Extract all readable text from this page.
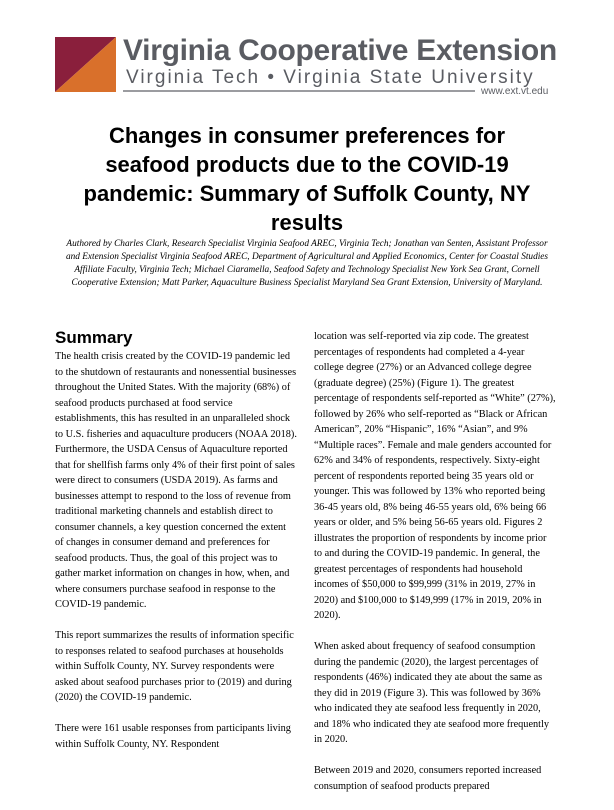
Virginia Cooperative Extension
Virginia Tech • Virginia State University
www.ext.vt.edu
Changes in consumer preferences for seafood products due to the COVID-19 pandemic: Summary of Suffolk County, NY results

Authored by Charles Clark, Research Specialist Virginia Seafood AREC, Virginia Tech; Jonathan van Senten, Assistant Professor and Extension Specialist Virginia Seafood AREC, Department of Agricultural and Applied Economics, Center for Coastal Studies Affiliate Faculty, Virginia Tech; Michael Ciaramella, Seafood Safety and Technology Specialist New York Sea Grant, Cornell Cooperative Extension; Matt Parker, Aquaculture Business Specialist Maryland Sea Grant Extension, University of Maryland.

Summary

The health crisis created by the COVID-19 pandemic led to the shutdown of restaurants and nonessential businesses throughout the United States. With the majority (68%) of seafood products purchased at food service establishments, this has resulted in an unparalleled shock to U.S. fisheries and aquaculture producers (NOAA 2018). Furthermore, the USDA Census of Aquaculture reported that for shellfish farms only 4% of their first point of sales were direct to consumers (USDA 2019). As farms and businesses attempt to respond to the loss of revenue from traditional marketing channels and establish direct to consumer channels, a key question concerned the extent of changes in consumer demand and preferences for seafood products. Thus, the goal of this project was to gather market information on changes in how, when, and where consumers purchase seafood in response to the COVID-19 pandemic.

This report summarizes the results of information specific to responses related to seafood purchases at households within Suffolk County, NY. Survey respondents were asked about seafood purchases prior to (2019) and during (2020) the COVID-19 pandemic.

There were 161 usable responses from participants living within Suffolk County, NY. Respondent

location was self-reported via zip code. The greatest percentages of respondents had completed a 4-year college degree (27%) or an Advanced college degree (graduate degree) (25%) (Figure 1). The greatest percentage of respondents self-reported as “White” (27%), followed by 26% who self-reported as “Black or African American”, 20% “Hispanic”, 16% “Asian”, and 9% “Multiple races”. Female and male genders accounted for 62% and 34% of respondents, respectively. Sixty-eight percent of respondents reported being 35 years old or younger. This was followed by 13% who reported being 36-45 years old, 8% being 46-55 years old, 6% being 66 years or older, and 5% being 56-65 years old. Figures 2 illustrates the proportion of respondents by income prior to and during the COVID-19 pandemic. In general, the greatest percentages of respondents had household incomes of $50,000 to $99,999 (31% in 2019, 27% in 2020) and $100,000 to $149,999 (17% in 2019, 20% in 2020).

When asked about frequency of seafood consumption during the pandemic (2020), the largest percentages of respondents (46%) indicated they ate about the same as they did in 2019 (Figure 3). This was followed by 36% who indicated they ate seafood less frequently in 2020, and 18% who indicated they ate seafood more frequently in 2020.

Between 2019 and 2020, consumers reported increased consumption of seafood products prepared
